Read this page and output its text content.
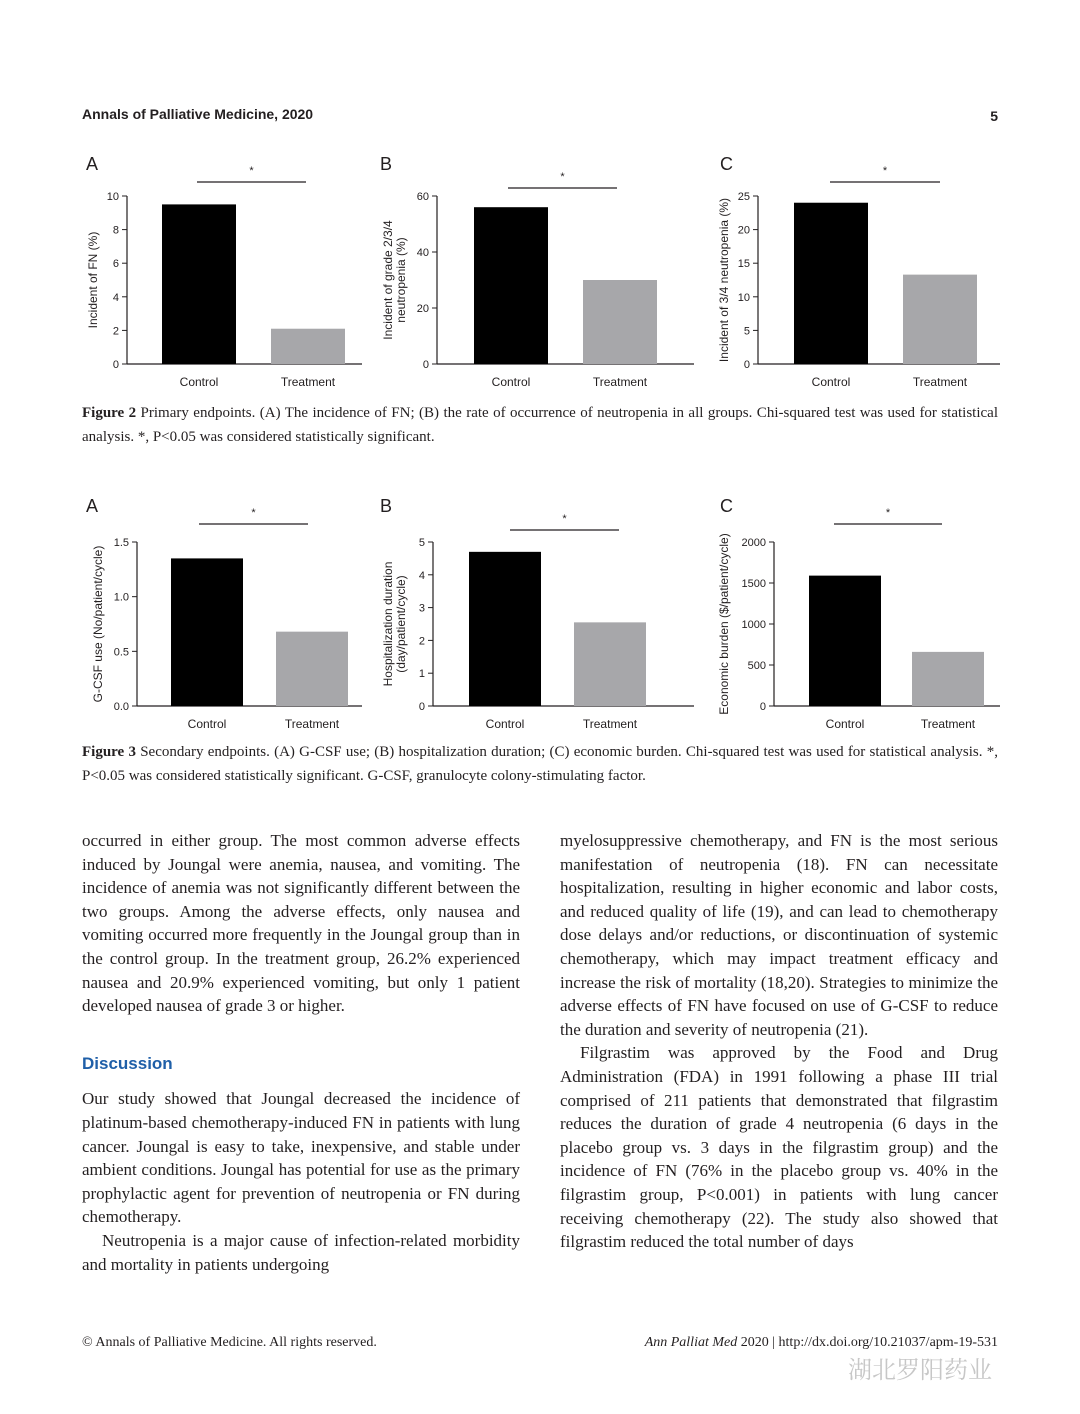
Annals of Palliative Medicine, 2020	5
A
0
2
4
6
8
10
Control	Treatment
*
Incident of FN (%)
B
0
20
40
60
Control	Treatment
*
Incident of grade 2/3/4neutropenia (%)
C
0
5
10
15
20
25
Control	Treatment
*
Incident of 3/4 neutropenia (%)
Figure 2 Primary endpoints. (A) The incidence of FN; (B) the rate of occurrence of neutropenia in all groups. Chi-squared test was used for statistical analysis. *, P<0.05 was considered statistically significant.
A
0.0
0.5
1.0
1.5
Control	Treatment
*
G-CSF use (No/patient/cycle)
B
0
1
2
3
4
5
Control	Treatment
*
Hospitalization duration(day/patient/cycle)
C
0
500
1000
1500
2000
Control	Treatment
*
Economic burden ($/patient/cycle)
Figure 3 Secondary endpoints. (A) G-CSF use; (B) hospitalization duration; (C) economic burden. Chi-squared test was used for statistical analysis. *, P<0.05 was considered statistically significant. G-CSF, granulocyte colony-stimulating factor.

occurred in either group. The most common adverse effects induced by Joungal were anemia, nausea, and vomiting. The incidence of anemia was not significantly different between the two groups. Among the adverse effects, only nausea and vomiting occurred more frequently in the Joungal group than in the control group. In the treatment group, 26.2% experienced nausea and 20.9% experienced vomiting, but only 1 patient developed nausea of grade 3 or higher.

Discussion

Our study showed that Joungal decreased the incidence of platinum-based chemotherapy-induced FN in patients with lung cancer. Joungal is easy to take, inexpensive, and stable under ambient conditions. Joungal has potential for use as the primary prophylactic agent for prevention of neutropenia or FN during chemotherapy.

Neutropenia is a major cause of infection-related morbidity and mortality in patients undergoing

myelosuppressive chemotherapy, and FN is the most serious manifestation of neutropenia (18). FN can necessitate hospitalization, resulting in higher economic and labor costs, and reduced quality of life (19), and can lead to chemotherapy dose delays and/or reductions, or discontinuation of systemic chemotherapy, which may impact treatment efficacy and increase the risk of mortality (18,20). Strategies to minimize the adverse effects of FN have focused on use of G-CSF to reduce the duration and severity of neutropenia (21).

Filgrastim was approved by the Food and Drug Administration (FDA) in 1991 following a phase III trial comprised of 211 patients that demonstrated that filgrastim reduces the duration of grade 4 neutropenia (6 days in the placebo group vs. 3 days in the filgrastim group) and the incidence of FN (76% in the placebo group vs. 40% in the filgrastim group, P<0.001) in patients with lung cancer receiving chemotherapy (22). The study also showed that filgrastim reduced the total number of days

© Annals of Palliative Medicine. All rights reserved.	Ann Palliat Med 2020 | http://dx.doi.org/10.21037/apm-19-531
湖北罗阳药业
